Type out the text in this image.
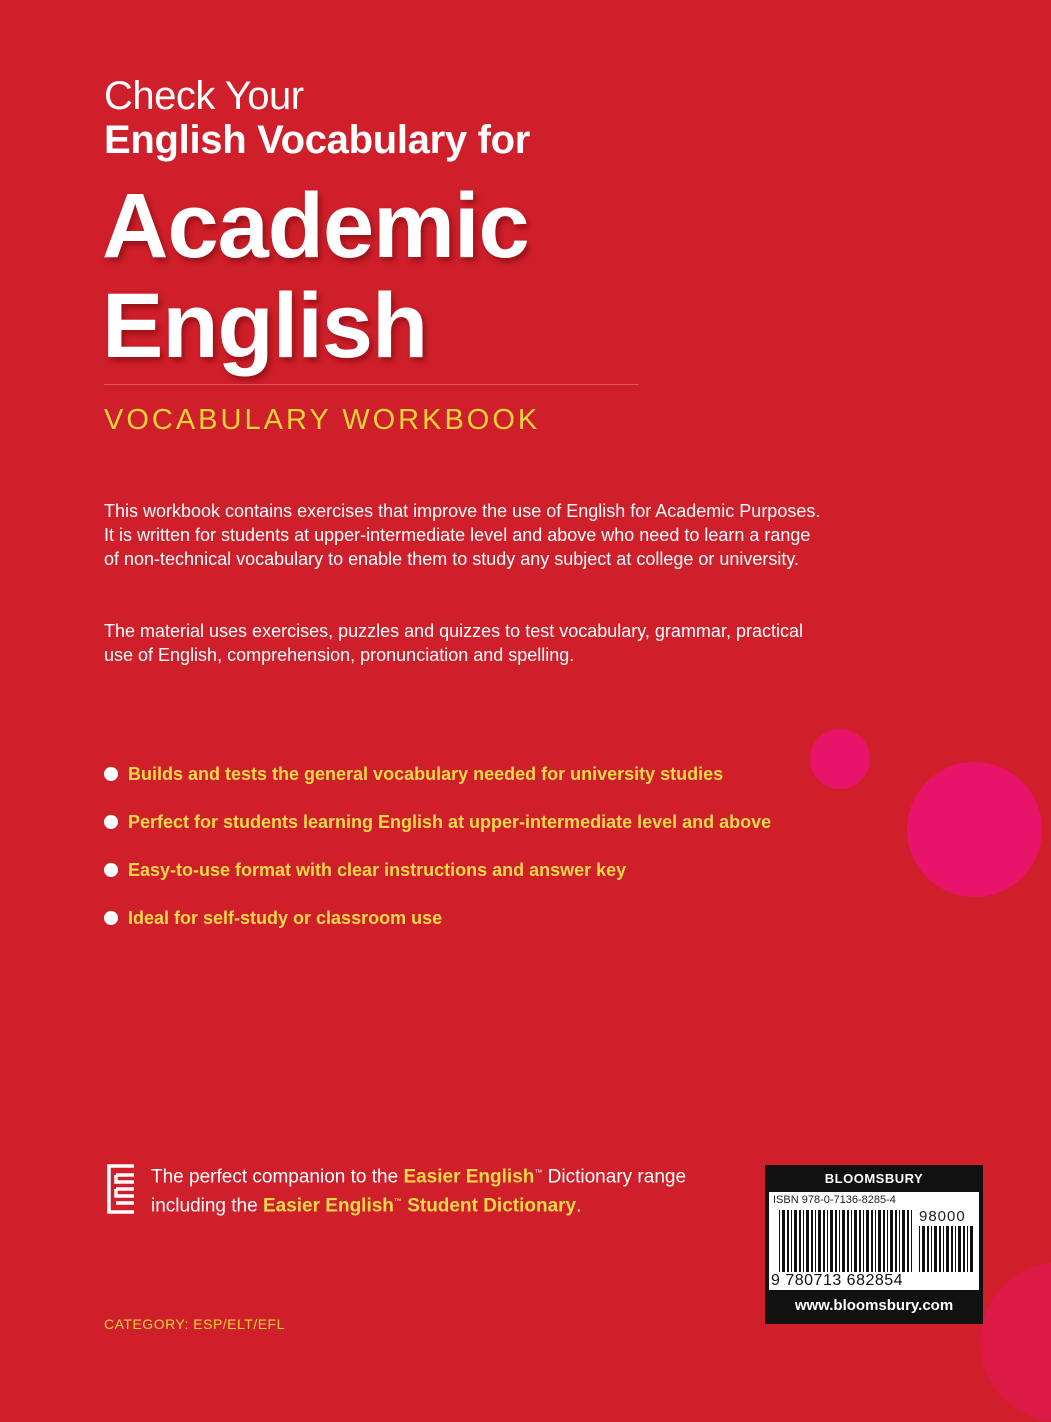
Check Your
English Vocabulary for
Academic
English

VOCABULARY WORKBOOK

This workbook contains exercises that improve the use of English for Academic Purposes. It is written for students at upper-intermediate level and above who need to learn a range of non-technical vocabulary to enable them to study any subject at college or university.

The material uses exercises, puzzles and quizzes to test vocabulary, grammar, practical use of English, comprehension, pronunciation and spelling.

Builds and tests the general vocabulary needed for university studies
Perfect for students learning English at upper-intermediate level and above
Easy-to-use format with clear instructions and answer key
Ideal for self-study or classroom use

The perfect companion to the Easier English™ Dictionary range including the Easier English™ Student Dictionary.

BLOOMSBURY

ISBN 978-0-7136-8285-4

98000

9 780713 682854

www.bloomsbury.com

CATEGORY: ESP/ELT/EFL
